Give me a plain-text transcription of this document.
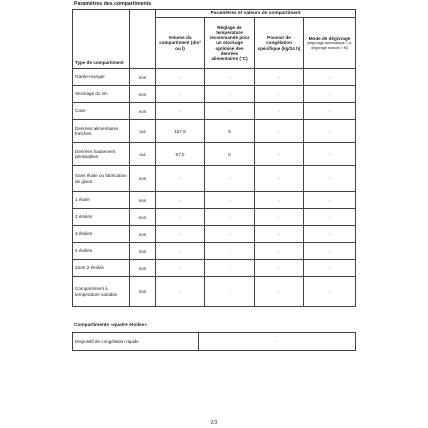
Paramètres des compartiments
Type de compartiment		Paramètres et valeurs de compartiment			
		Volume du compartiment (dm³ ou l)	Réglage de température recommandé pour un stockage optimisé des denrées alimentaires (°C)	Pouvoir de congélation spécifique (kg/24 h)	Mode de dégivrage
(dégivrage automatique = A, dégivrage manuel = M)

Garde-manger	non	-	-	-	-
Stockage du vin	non	-	-	-	-
Cave	non	-	-	-	-
Denrées alimentaires fraîches	oui	157,6	5	-	-
Denrées hautement périssables	oui	67,0	0	-	-
Sans étoile ou fabrication de glace	non	-	-	-	-
1 étoile	non	-	-	-	-
2 étoiles	non	-	-	-	-
3 étoiles	non	-	-	-	-
4 étoiles	non	-	-	-	-
Zone 2 étoiles	non	-	-	-	-
Compartiment à température variable	non	-	-	-	-
Compartiments «quatre étoiles»
Dispositif de congélation rapide	-
2/3
